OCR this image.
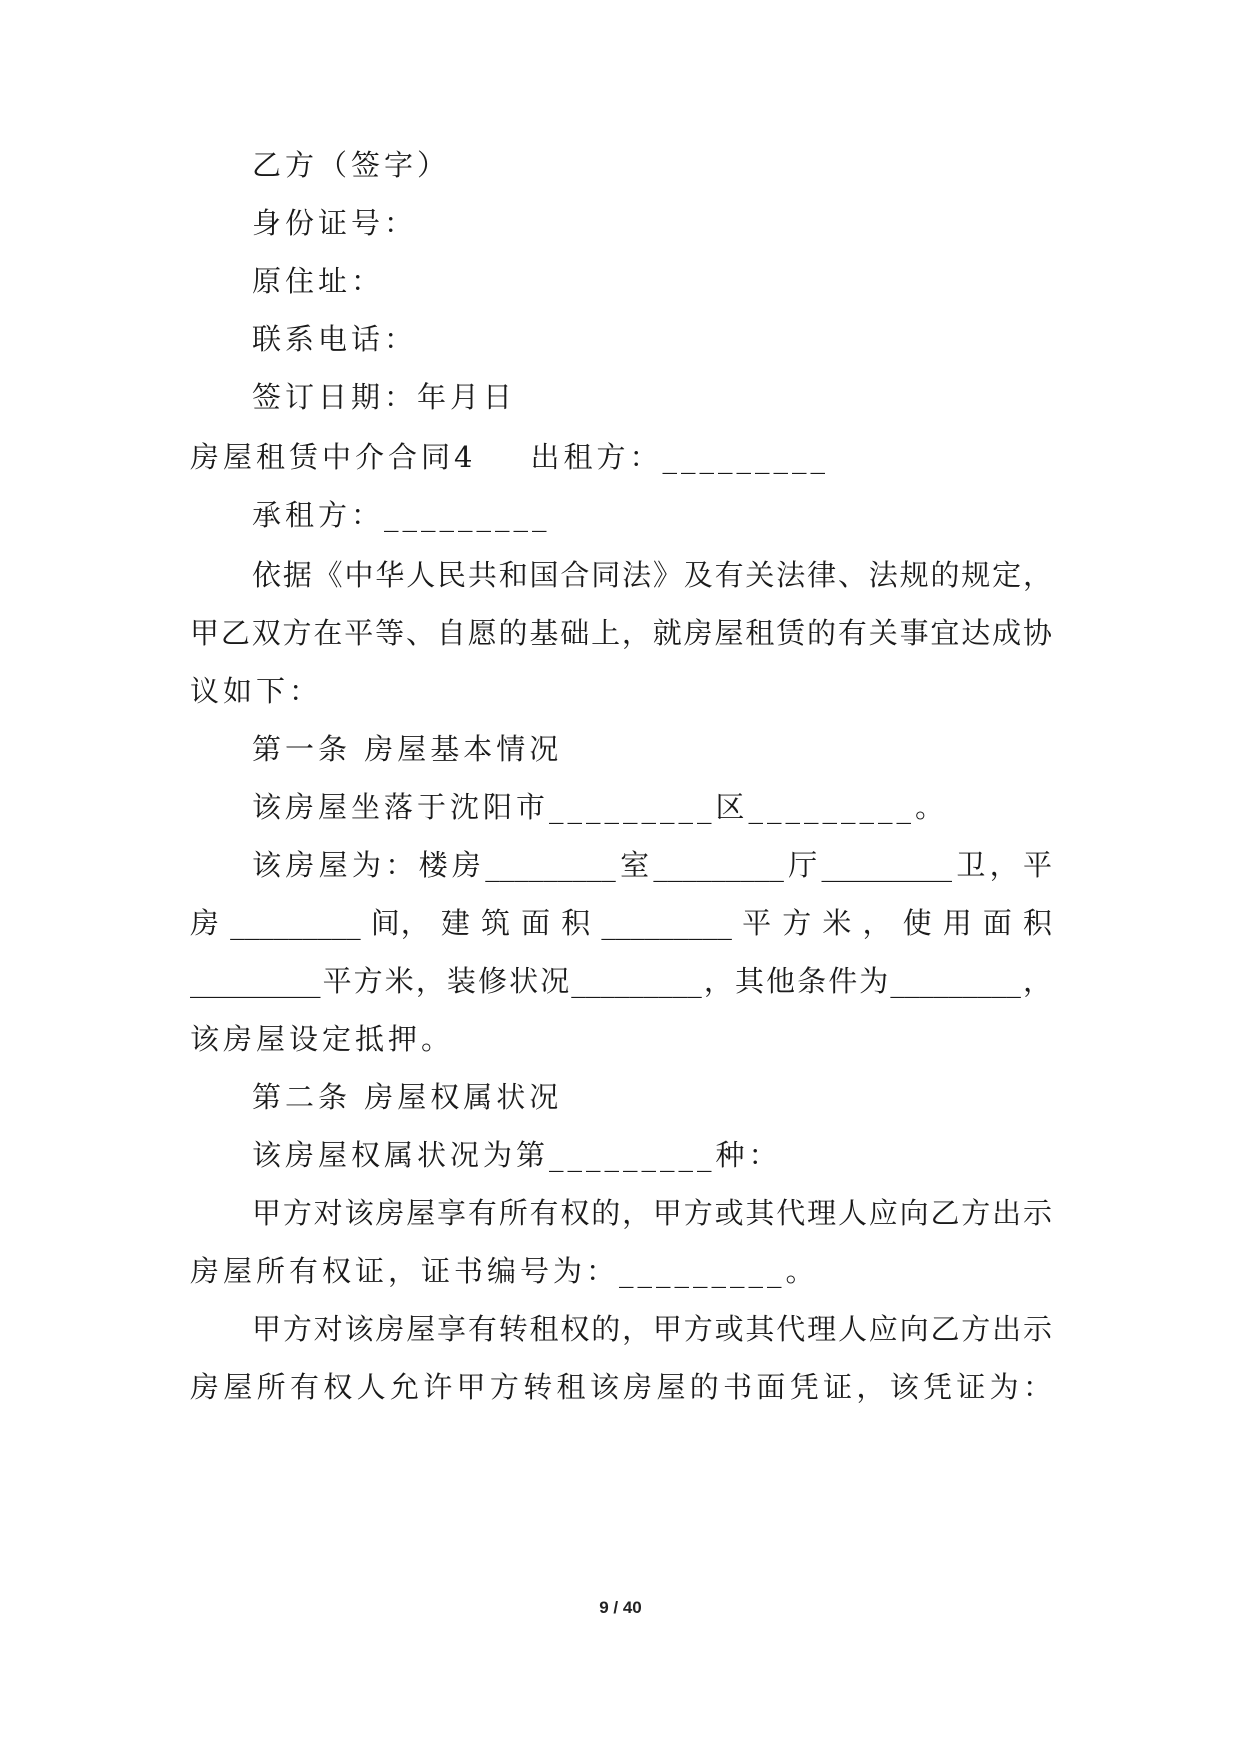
乙方（签字）
身份证号：
原住址：
联系电话：
签订日期：年月日
房屋租赁中介合同4 出租方：_________
承租方：_________
依据《中华人民共和国合同法》及有关法律、法规的规定，
甲乙双方在平等、自愿的基础上，就房屋租赁的有关事宜达成协
议如下：
第一条 房屋基本情况
该房屋坐落于沈阳市_________区_________。
该房屋为：楼房_________室_________厅_________卫，平
房 _________ 间， 建 筑 面 积 _________ 平 方 米 ， 使 用 面 积
_________平方米，装修状况_________，其他条件为_________，
该房屋设定抵押。
第二条 房屋权属状况
该房屋权属状况为第_________种：
甲方对该房屋享有所有权的，甲方或其代理人应向乙方出示
房屋所有权证，证书编号为：_________。
甲方对该房屋享有转租权的，甲方或其代理人应向乙方出示
房屋所有权人允许甲方转租该房屋的书面凭证，该凭证为：
9 / 40
